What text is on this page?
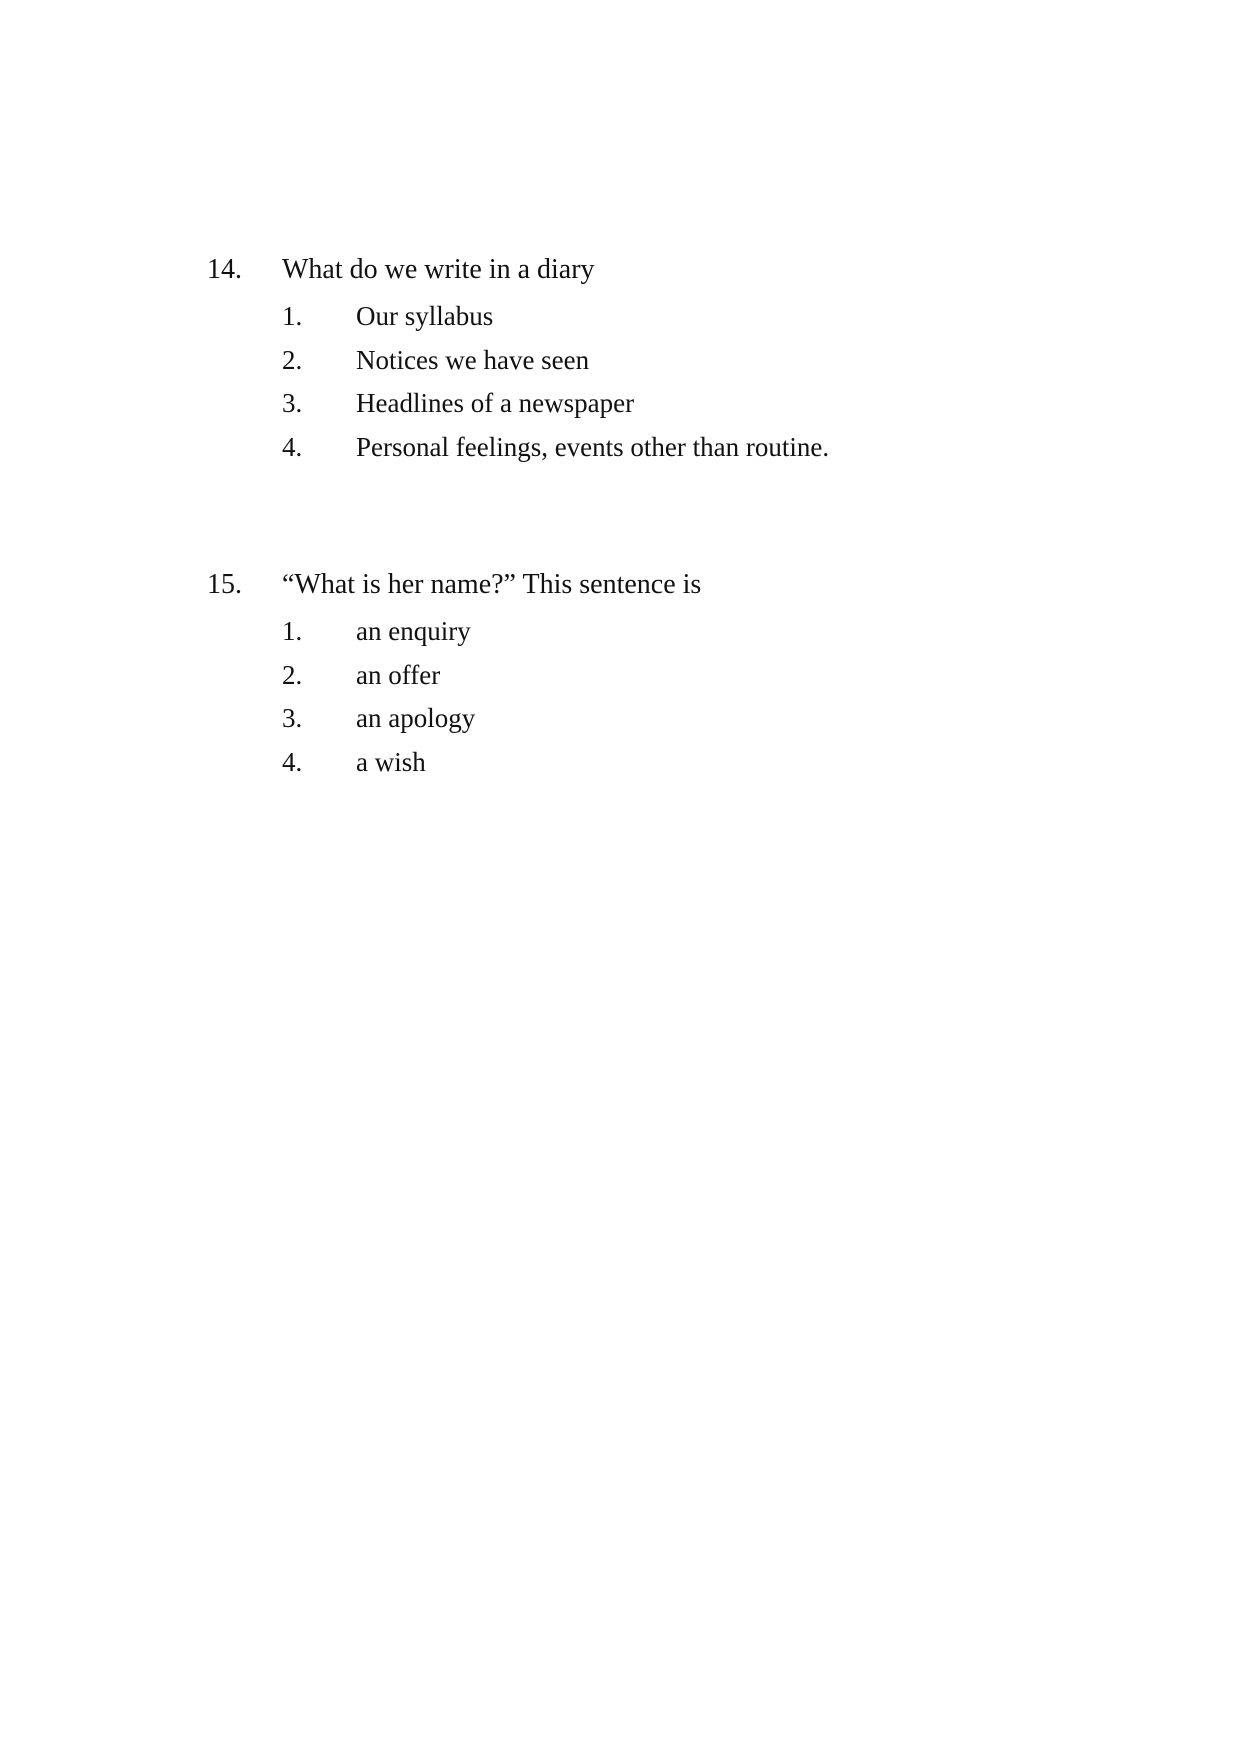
14.	What do we write in a diary
1.	Our syllabus
2.	Notices we have seen
3.	Headlines of a newspaper
4.	Personal feelings, events other than routine.
15.	“What is her name?” This sentence is
1.	an enquiry
2.	an offer
3.	an apology
4.	a wish
